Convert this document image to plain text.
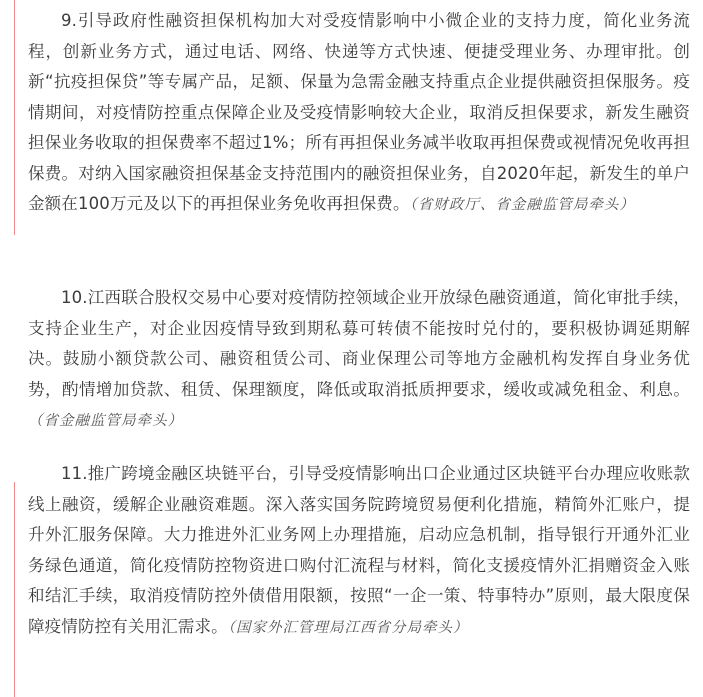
9.引导政府性融资担保机构加大对受疫情影响中小微企业的支持力度，简化业务流程，创新业务方式，通过电话、网络、快递等方式快速、便捷受理业务、办理审批。创新“抗疫担保贷”等专属产品，足额、保量为急需金融支持重点企业提供融资担保服务。疫情期间，对疫情防控重点保障企业及受疫情影响较大企业，取消反担保要求，新发生融资担保业务收取的担保费率不超过1%；所有再担保业务减半收取再担保费或视情况免收再担保费。对纳入国家融资担保基金支持范围内的融资担保业务，自2020年起，新发生的单户金额在100万元及以下的再担保业务免收再担保费。（省财政厅、省金融监管局牵头）

10.江西联合股权交易中心要对疫情防控领域企业开放绿色融资通道，简化审批手续，支持企业生产，对企业因疫情导致到期私募可转债不能按时兑付的，要积极协调延期解决。鼓励小额贷款公司、融资租赁公司、商业保理公司等地方金融机构发挥自身业务优势，酌情增加贷款、租赁、保理额度，降低或取消抵质押要求，缓收或减免租金、利息。（省金融监管局牵头）

11.推广跨境金融区块链平台，引导受疫情影响出口企业通过区块链平台办理应收账款线上融资，缓解企业融资难题。深入落实国务院跨境贸易便利化措施，精简外汇账户，提升外汇服务保障。大力推进外汇业务网上办理措施，启动应急机制，指导银行开通外汇业务绿色通道，简化疫情防控物资进口购付汇流程与材料，简化支援疫情外汇捐赠资金入账和结汇手续，取消疫情防控外债借用限额，按照“一企一策、特事特办”原则，最大限度保障疫情防控有关用汇需求。（国家外汇管理局江西省分局牵头）
